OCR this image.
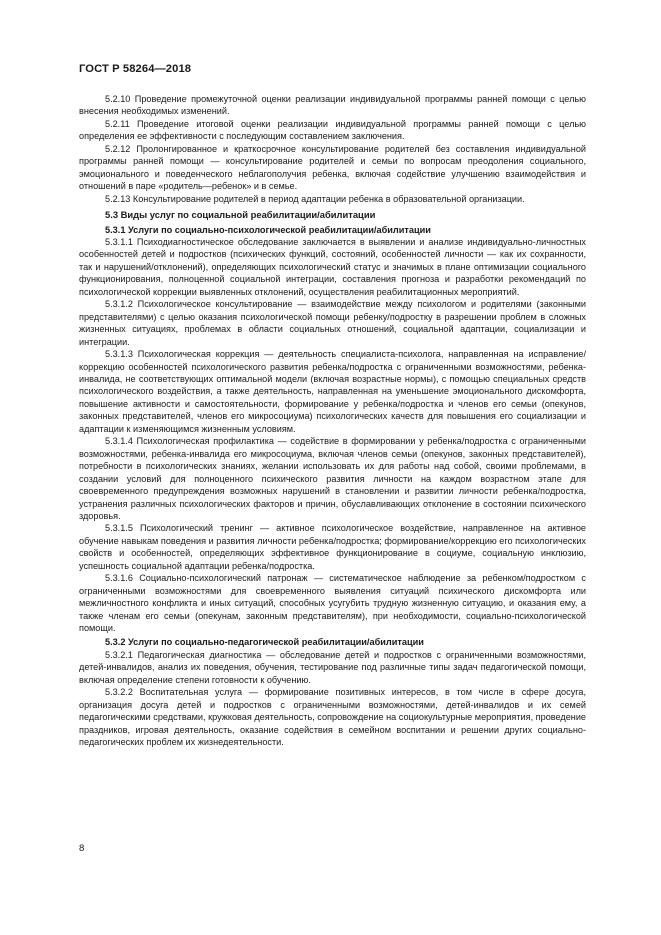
ГОСТ Р 58264—2018

5.2.10 Проведение промежуточной оценки реализации индивидуальной программы ранней помощи с целью внесения необходимых изменений.

5.2.11 Проведение итоговой оценки реализации индивидуальной программы ранней помощи с целью определения ее эффективности с последующим составлением заключения.

5.2.12 Пролонгированное и краткосрочное консультирование родителей без составления индивидуальной программы ранней помощи — консультирование родителей и семьи по вопросам преодоления социального, эмоционального и поведенческого неблагополучия ребенка, включая содействие улучшению взаимодействия и отношений в паре «родитель—ребенок» и в семье.

5.2.13 Консультирование родителей в период адаптации ребенка в образовательной организации.

5.3 Виды услуг по социальной реабилитации/абилитации
5.3.1 Услуги по социально-психологической реабилитации/абилитации

5.3.1.1 Психодиагностическое обследование заключается в выявлении и анализе индивидуально-личностных особенностей детей и подростков (психических функций, состояний, особенностей личности — как их сохранности, так и нарушений/отклонений), определяющих психологический статус и значимых в плане оптимизации социального функционирования, полноценной социальной интеграции, составления прогноза и разработки рекомендаций по психологической коррекции выявленных отклонений, осуществления реабилитационных мероприятий.

5.3.1.2 Психологическое консультирование — взаимодействие между психологом и родителями (законными представителями) с целью оказания психологической помощи ребенку/подростку в разрешении проблем в сложных жизненных ситуациях, проблемах в области социальных отношений, социальной адаптации, социализации и интеграции.

5.3.1.3 Психологическая коррекция — деятельность специалиста-психолога, направленная на исправление/коррекцию особенностей психологического развития ребенка/подростка с ограниченными возможностями, ребенка-инвалида, не соответствующих оптимальной модели (включая возрастные нормы), с помощью специальных средств психологического воздействия, а также деятельность, направленная на уменьшение эмоционального дискомфорта, повышение активности и самостоятельности, формирование у ребенка/подростка и членов его семьи (опекунов, законных представителей, членов его микросоциума) психологических качеств для повышения его социализации и адаптации к изменяющимся жизненным условиям.

5.3.1.4 Психологическая профилактика — содействие в формировании у ребенка/подростка с ограниченными возможностями, ребенка-инвалида его микросоциума, включая членов семьи (опекунов, законных представителей), потребности в психологических знаниях, желании использовать их для работы над собой, своими проблемами, в создании условий для полноценного психического развития личности на каждом возрастном этапе для своевременного предупреждения возможных нарушений в становлении и развитии личности ребенка/подростка, устранения различных психологических факторов и причин, обуславливающих отклонение в состоянии психического здоровья.

5.3.1.5 Психологический тренинг — активное психологическое воздействие, направленное на активное обучение навыкам поведения и развития личности ребенка/подростка; формирование/коррекцию его психологических свойств и особенностей, определяющих эффективное функционирование в социуме, социальную инклюзию, успешность социальной адаптации ребенка/подростка.

5.3.1.6 Социально-психологический патронаж — систематическое наблюдение за ребенком/подростком с ограниченными возможностями для своевременного выявления ситуаций психического дискомфорта или межличностного конфликта и иных ситуаций, способных усугубить трудную жизненную ситуацию, и оказания ему, а также членам его семьи (опекунам, законным представителям), при необходимости, социально-психологической помощи.

5.3.2 Услуги по социально-педагогической реабилитации/абилитации

5.3.2.1 Педагогическая диагностика — обследование детей и подростков с ограниченными возможностями, детей-инвалидов, анализ их поведения, обучения, тестирование под различные типы задач педагогической помощи, включая определение степени готовности к обучению.

5.3.2.2 Воспитательная услуга — формирование позитивных интересов, в том числе в сфере досуга, организация досуга детей и подростков с ограниченными возможностями, детей-инвалидов и их семей педагогическими средствами, кружковая деятельность, сопровождение на социокультурные мероприятия, проведение праздников, игровая деятельность, оказание содействия в семейном воспитании и решении других социально-педагогических проблем их жизнедеятельности.

8
